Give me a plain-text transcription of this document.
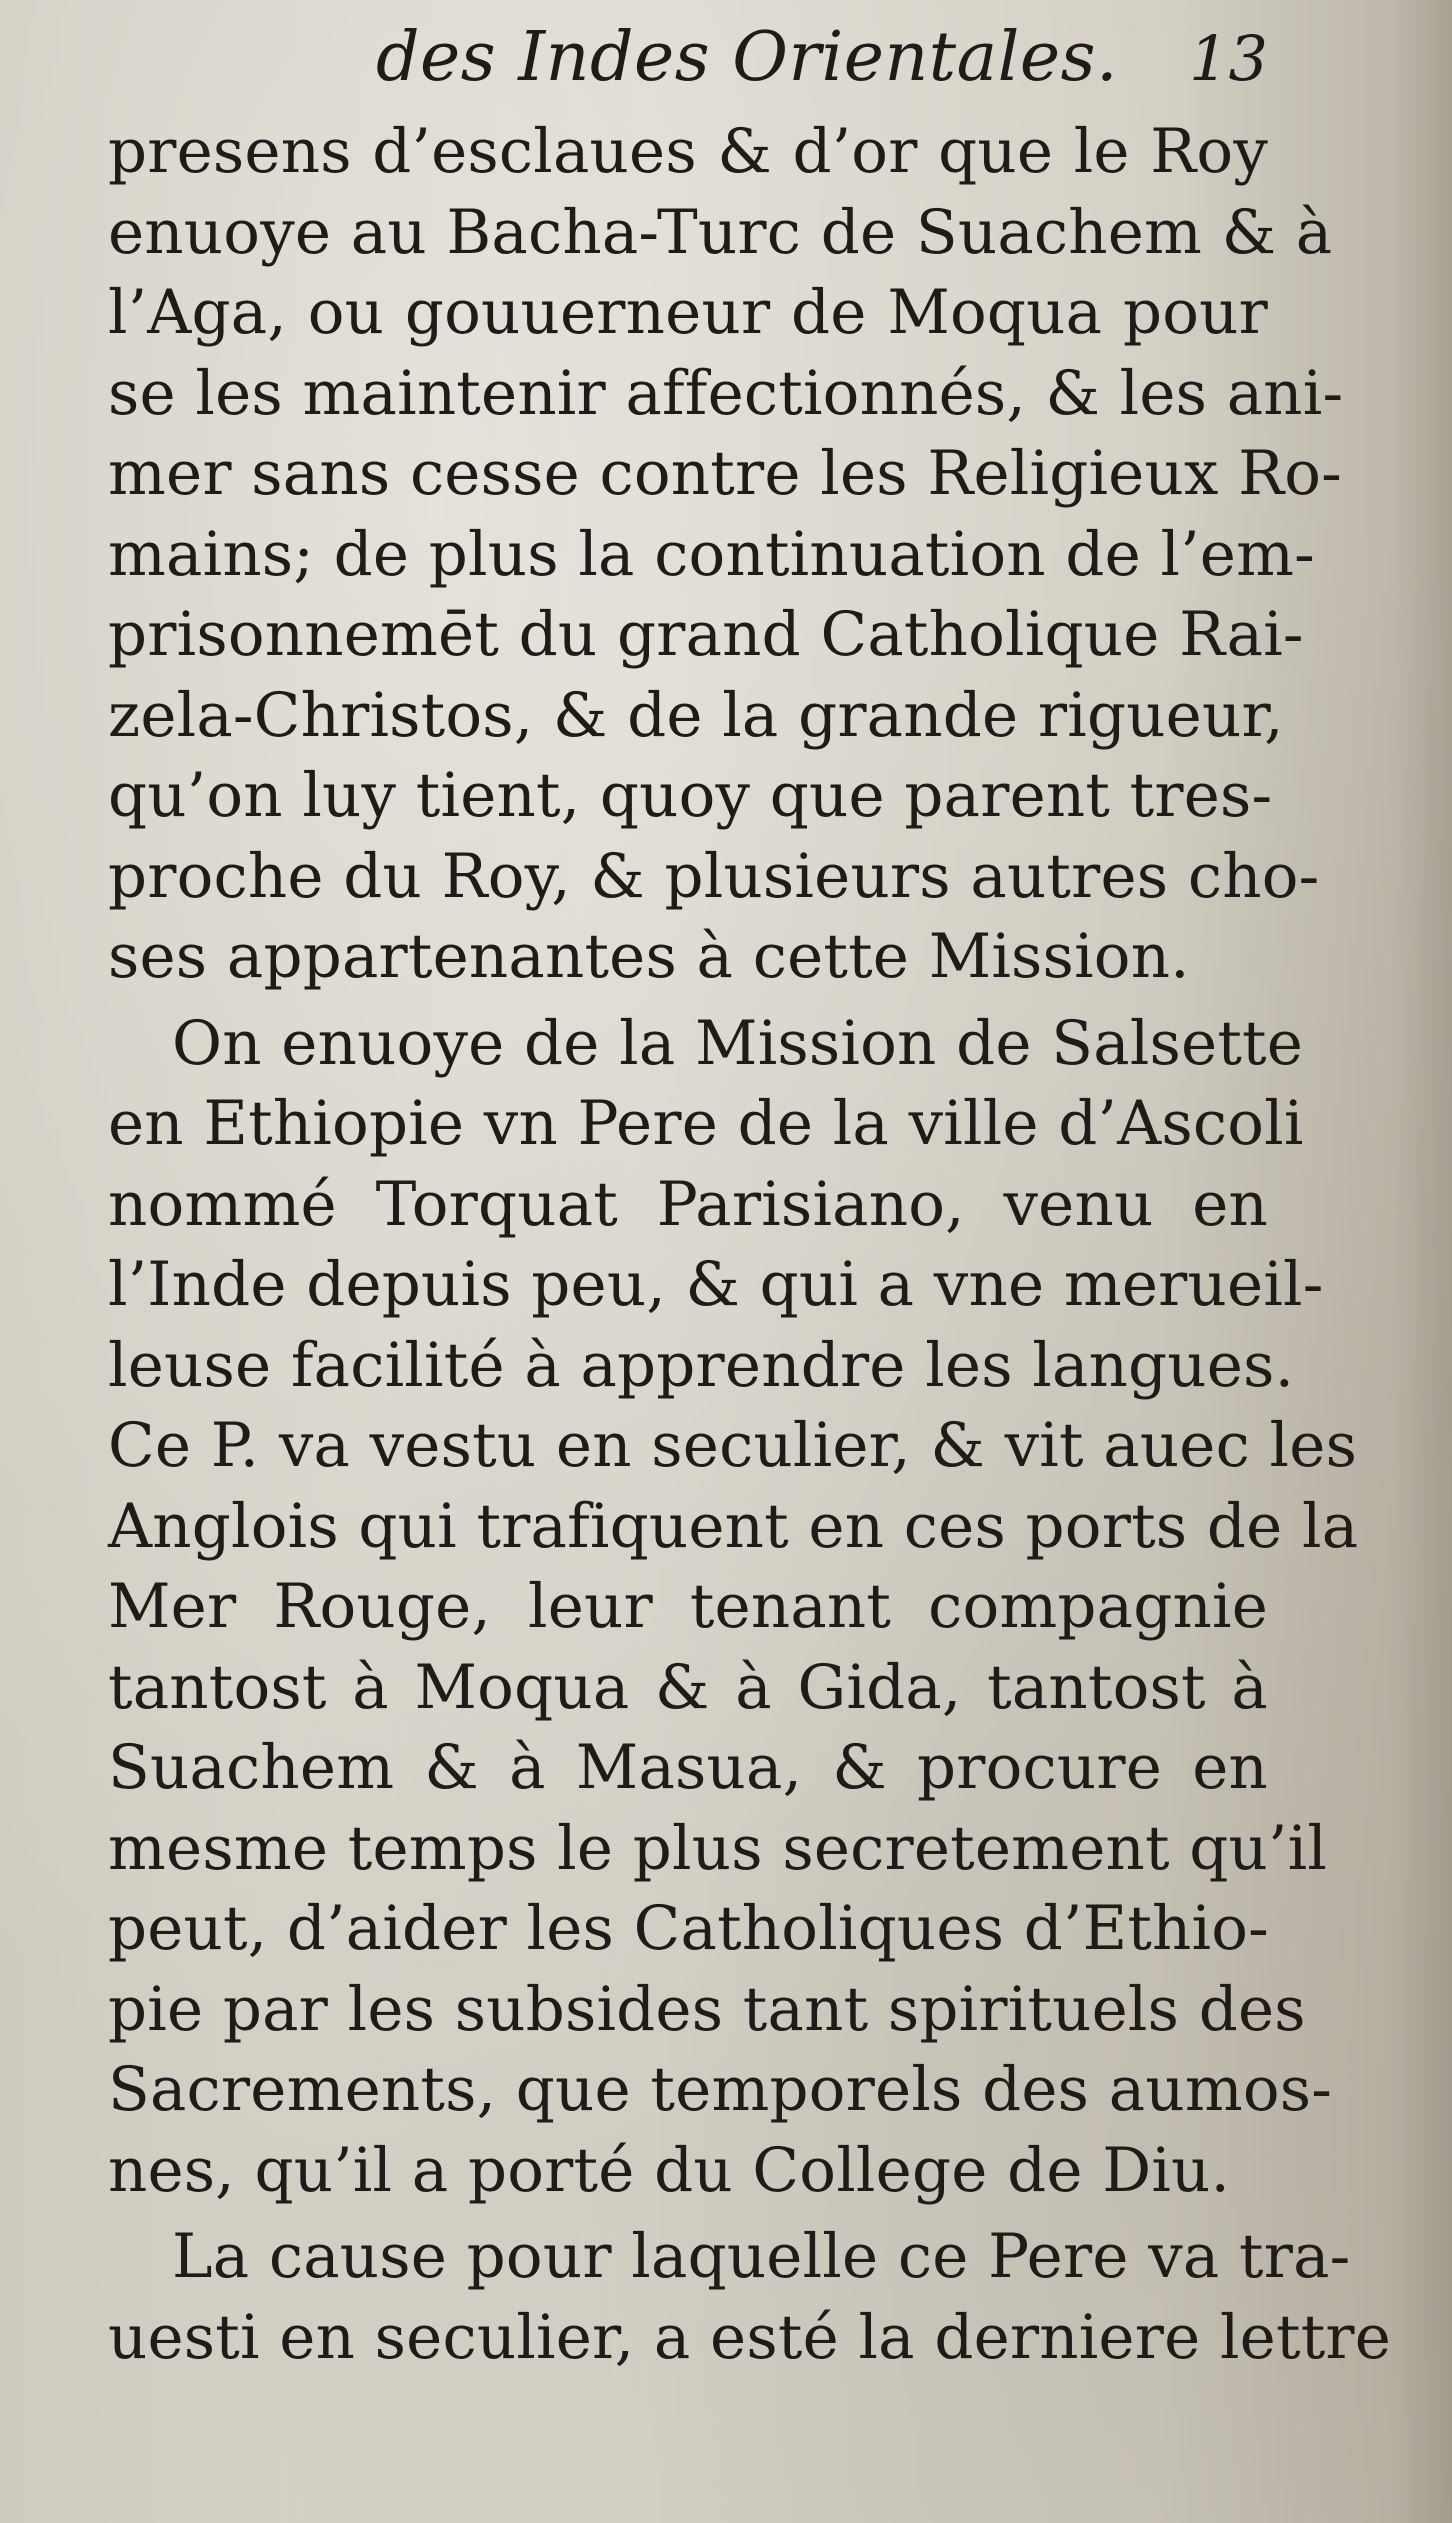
des Indes Orientales. 13
presens d’esclaues & d’or que le Roy
enuoye au Bacha-Turc de Suachem & à
l’Aga, ou gouuerneur de Moqua pour
se les maintenir affectionnés, & les ani-
mer sans cesse contre les Religieux Ro-
mains; de plus la continuation de l’em-
prisonnemēt du grand Catholique Rai-
zela-Christos, & de la grande rigueur,
qu’on luy tient, quoy que parent tres-
proche du Roy, & plusieurs autres cho-
ses appartenantes à cette Mission.
On enuoye de la Mission de Salsette
en Ethiopie vn Pere de la ville d’Ascoli
nommé Torquat Parisiano, venu en
l’Inde depuis peu, & qui a vne merueil-
leuse facilité à apprendre les langues.
Ce P. va vestu en seculier, & vit auec les
Anglois qui trafiquent en ces ports de la
Mer Rouge, leur tenant compagnie
tantost à Moqua & à Gida, tantost à
Suachem & à Masua, & procure en
mesme temps le plus secretement qu’il
peut, d’aider les Catholiques d’Ethio-
pie par les subsides tant spirituels des
Sacrements, que temporels des aumos-
nes, qu’il a porté du College de Diu.
La cause pour laquelle ce Pere va tra-
uesti en seculier, a esté la derniere lettre
